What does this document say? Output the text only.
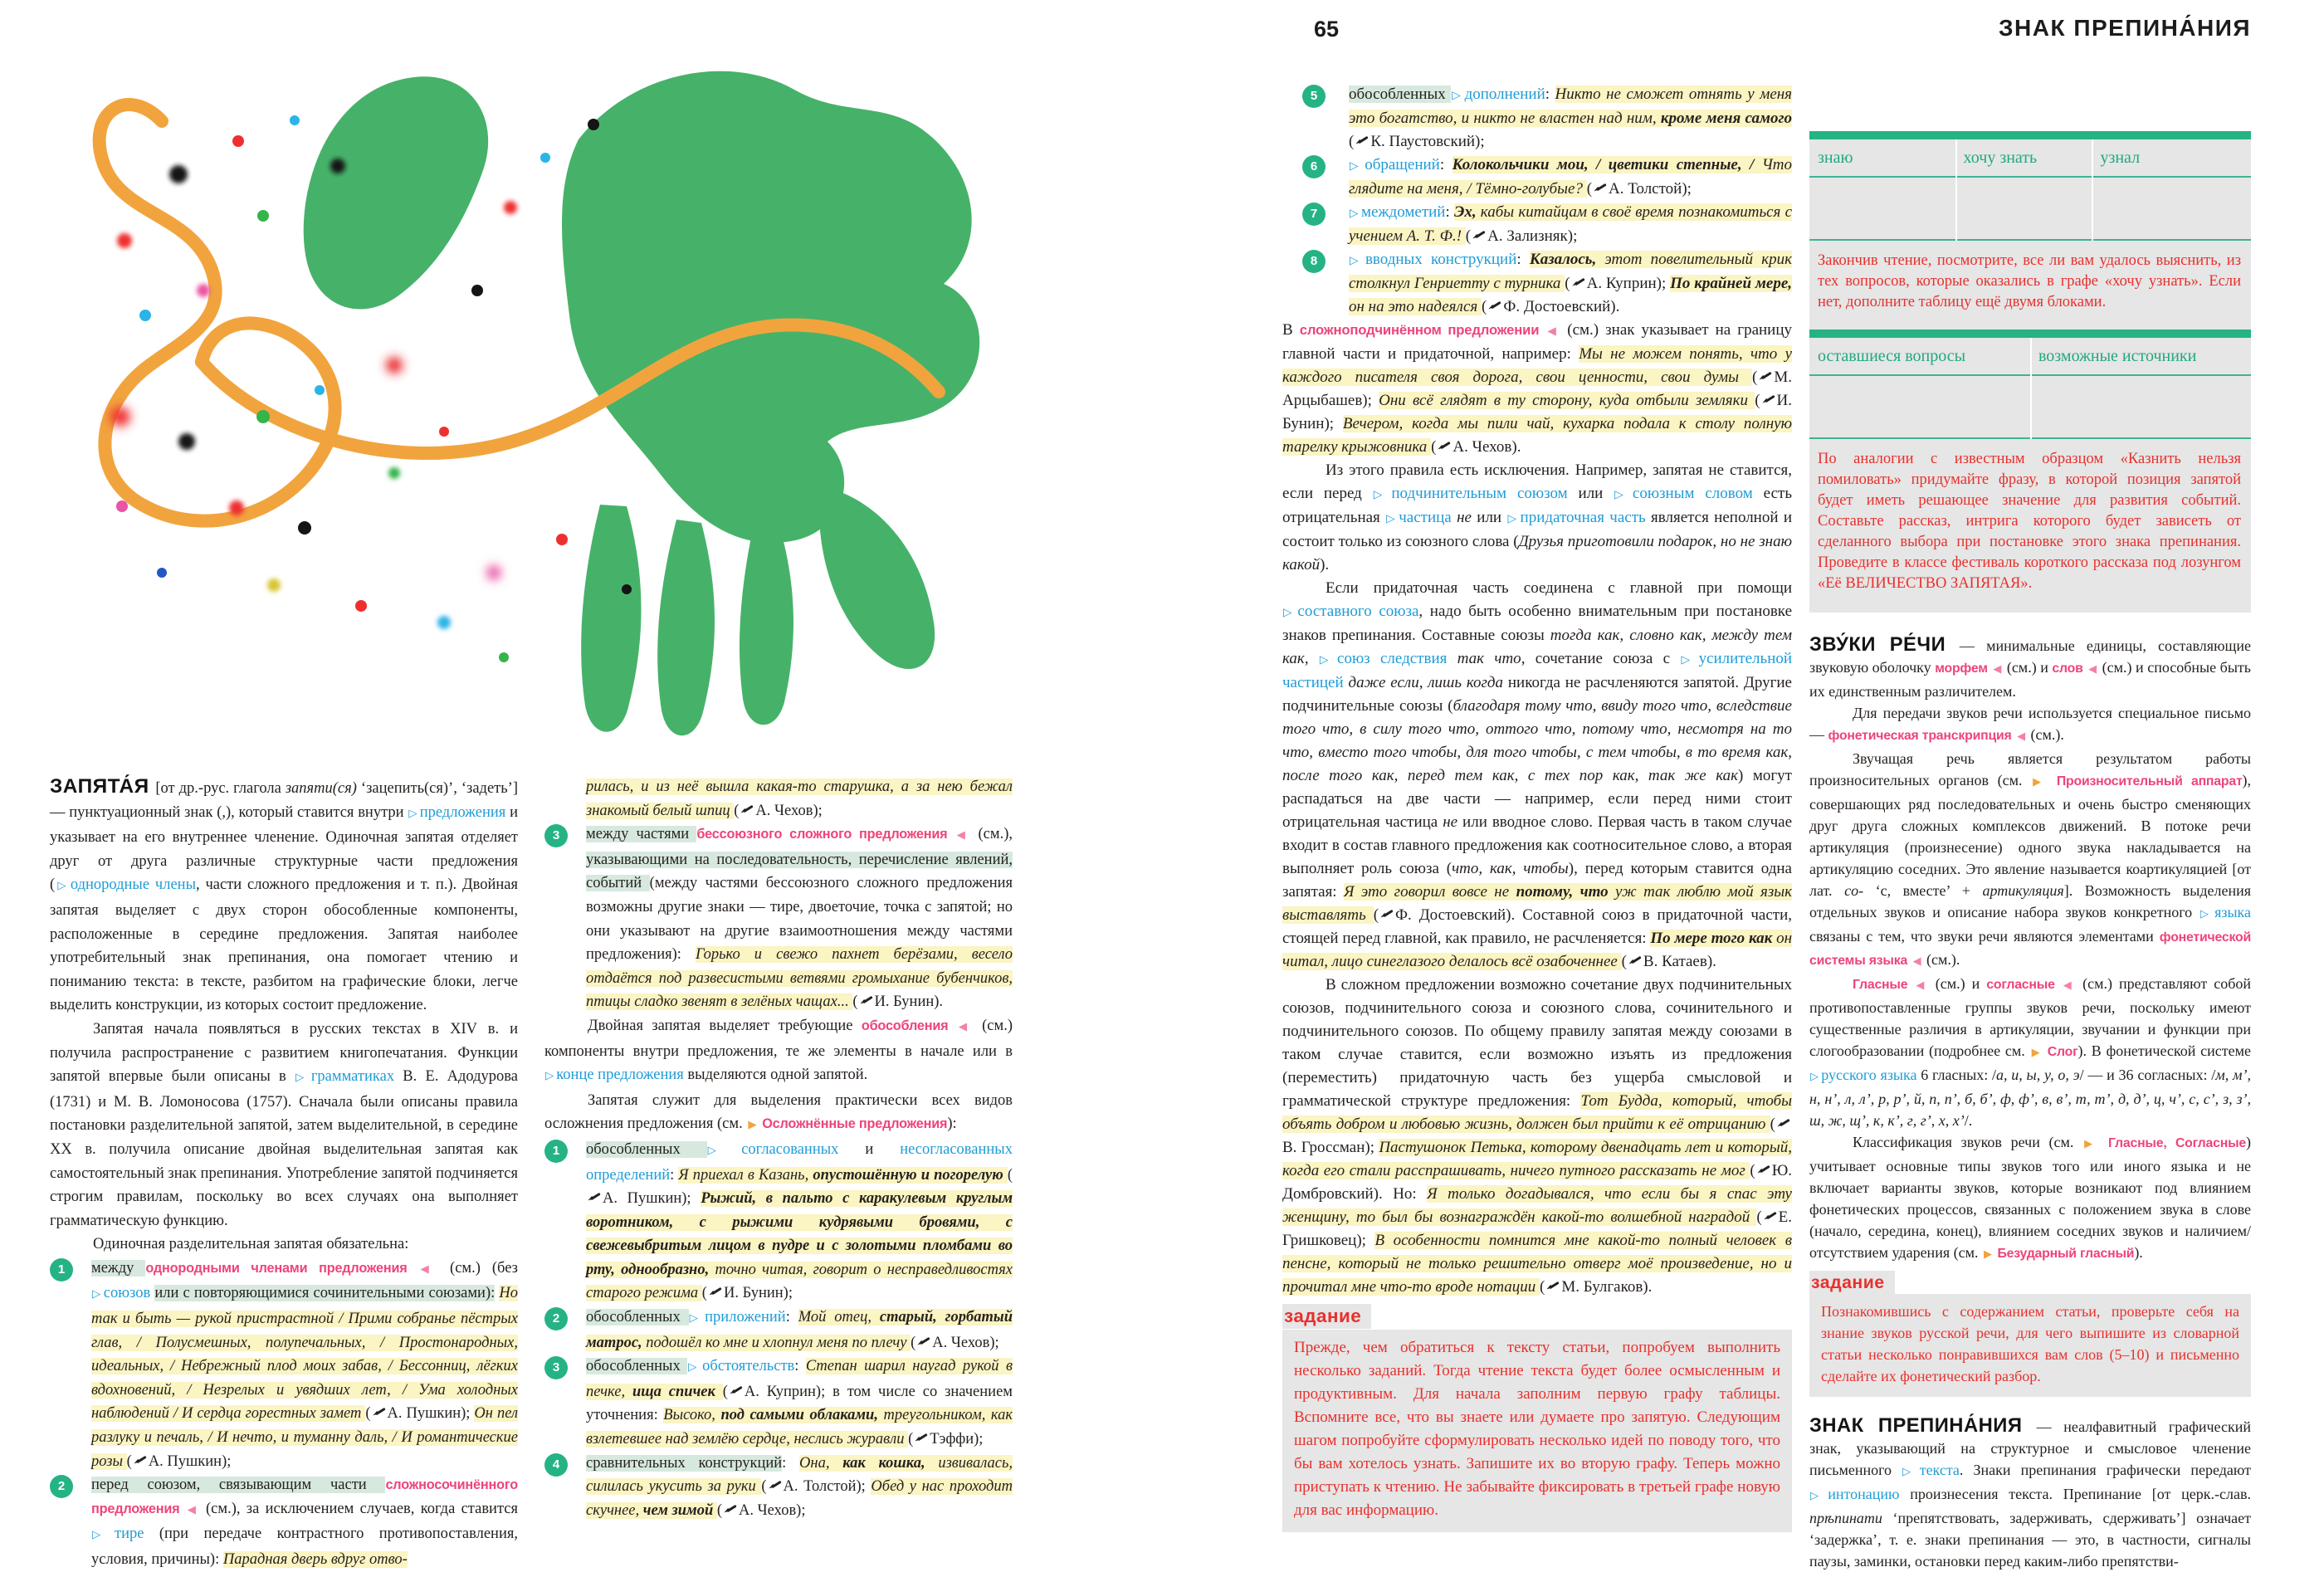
65	ЗНАК ПРЕПИНА́НИЯ
ЗАПЯТА́Я [от др.-рус. глагола запяти(ся) ‘зацепить(ся)’, ‘задеть’] — пунктуационный знак (,), который ставится внутри ▷ предложения и указывает на его внутреннее членение. Одиночная запятая отделяет друг от друга различные структурные части предложения (▷ однородные члены, части сложного предложения и т. п.). Двойная запятая выделяет с двух сторон обособленные компоненты, расположенные в середине предложения. Запятая наиболее употребительный знак препинания, она помогает чтению и пониманию текста: в тексте, разбитом на графические блоки, легче выделить конструкции, из которых состоит предложение.
Запятая начала появляться в русских текстах в XIV в. и получила распространение с развитием книгопечатания. Функции запятой впервые были описаны в ▷ грамматиках В. Е. Адодурова (1731) и М. В. Ломоносова (1757). Сначала были описаны правила постановки разделительной запятой, затем выделительной, в середине XX в. получила описание двойная выделительная запятая как самостоятельный знак препинания. Употребление запятой подчиняется строгим правилам, поскольку во всех случаях она выполняет грамматическую функцию.
Одиночная разделительная запятая обязательна:
1	между однородными членами предложения ◀ (см.) (без ▷ союзов или с повторяющимися сочинительными союзами): Но так и быть — рукой пристрастной / Прими собранье пёстрых глав, / Полусмешных, полупечальных, / Простонародных, идеальных, / Небрежный плод моих забав, / Бессонниц, лёгких вдохновений, / Незрелых и увядших лет, / Ума холодных наблюдений / И сердца горестных замет ( А. Пушкин); Он пел разлуку и печаль, / И нечто, и туманну даль, / И романтические розы ( А. Пушкин);
2	перед союзом, связывающим части сложносочинённого предложения ◀ (см.), за исключением случаев, когда ставится ▷ тире (при передаче контрастного противопоставления, условия, причины): Парадная дверь вдруг отво-
рилась, и из неё вышла какая-то старушка, а за нею бежал знакомый белый шпиц ( А. Чехов);
3	между частями бессоюзного сложного предложения ◀ (см.), указывающими на последовательность, перечисление явлений, событий (между частями бессоюзного сложного предложения возможны другие знаки — тире, двоеточие, точка с запятой; но они указывают на другие взаимоотношения между частями предложения): Горько и свежо пахнет берёзами, весело отдаётся под развесистыми ветвями громыхание бубенчиков, птицы сладко звенят в зелёных чащах... ( И. Бунин).
Двойная запятая выделяет требующие обособления ◀ (см.) компоненты внутри предложения, те же элементы в начале или в ▷ конце предложения выделяются одной запятой.
Запятая служит для выделения практически всех видов осложнения предложения (см. ▶ Осложнённые предложения):
1	обособленных ▷ согласованных и несогласованных определений: Я приехал в Казань, опустошённую и погорелую (
А. Пушкин); Рыжий, в пальто с каракулевым круглым воротником, с рыжими кудрявыми бровями, с свежевыбритым лицом в пудре и с золотыми пломбами во рту, однообразно, точно читая, говорит о несправедливостях старого режима ( И. Бунин);
2	обособленных ▷ приложений: Мой отец, старый, горбатый матрос, подошёл ко мне и хлопнул меня по плечу ( А. Чехов);
3	обособленных ▷ обстоятельств: Степан шарил наугад рукой в печке, ища спичек ( А. Куприн); в том числе со значением уточнения: Высоко, под самыми облаками, треугольником, как взлетевшее над землёю сердце, неслись журавли ( Тэффи);
4	сравнительных конструкций: Она, как кошка, извивалась, силилась укусить за руки ( А. Толстой); Обед у нас проходит скучнее, чем зимой ( А. Чехов);
5	обособленных ▷ дополнений: Никто не сможет отнять у меня это богатство, и никто не властен над ним, кроме меня самого ( К. Паустовский);
6	▷ обращений: Колокольчики мои, / цветики степные, / Что глядите на меня, / Тёмно-голубые? ( А. Толстой);
7	▷ междометий: Эх, кабы китайцам в своё время познакомиться с учением А. Т. Ф.! ( А. Зализняк);
8	▷ вводных конструкций: Казалось, этот повелительный крик столкнул Генриетту с турника ( А. Куприн); По крайней мере, он на это надеялся ( Ф. Достоевский).
В сложноподчинённом предложении ◀ (см.) знак указывает на границу главной части и придаточной, например: Мы не можем понять, что у каждого писателя своя дорога, свои ценности, свои думы ( М. Арцыбашев); Они всё глядят в ту сторону, куда отбыли земляки ( И. Бунин); Вечером, когда мы пили чай, кухарка подала к столу полную тарелку крыжовника ( А. Чехов).
Из этого правила есть исключения. Например, запятая не ставится, если перед ▷ подчинительным союзом или ▷ союзным словом есть отрицательная ▷ частица не или ▷ придаточная часть является неполной и состоит только из союзного слова (Друзья приготовили подарок, но не знаю какой).
Если придаточная часть соединена с главной при помощи ▷ составного союза, надо быть особенно внимательным при постановке знаков препинания. Составные союзы тогда как, словно как, между тем как, ▷ союз следствия так что, сочетание союза с ▷ усилительной частицей даже если, лишь когда никогда не расчленяются запятой. Другие подчинительные союзы (благодаря тому что, ввиду того что, вследствие того что, в силу того что, оттого что, потому что, несмотря на то что, вместо того чтобы, для того чтобы, с тем чтобы, в то время как, после того как, перед тем как, с тех пор как, так же как) могут распадаться на две части — например, если перед ними стоит отрицательная частица не или вводное слово. Первая часть в таком случае входит в состав главного предложения как соотносительное слово, а вторая выполняет роль союза (что, как, чтобы), перед которым ставится одна запятая: Я это говорил вовсе не потому, что уж так люблю мой язык выставлять ( Ф. Достоевский). Составной союз в придаточной части, стоящей перед главной, как правило, не расчленяется: По мере того как он читал, лицо синеглазого делалось всё озабоченнее ( В. Катаев).
В сложном предложении возможно сочетание двух подчинительных союзов, подчинительного союза и союзного слова, сочинительного и подчинительного союзов. По общему правилу запятая между союзами в таком случае ставится, если возможно изъять из предложения (переместить) придаточную часть без ущерба смысловой и грамматической структуре предложения: Тот Будда, который, чтобы объять добром и любовью жизнь, должен был прийти к её отрицанию (
В. Гроссман); Пастушонок Петька, которому двенадцать лет и который, когда его стали расспрашивать, ничего путного рассказать не мог ( Ю. Домбровский). Но: Я только догадывался, что если бы я спас эту женщину, то был бы вознаграждён какой-то волшебной наградой ( Е. Гришковец); В особенности помнится мне какой-то полный человек в пенсне, который не только решительно отверг моё произведение, но и прочитал мне что-то вроде нотации ( М. Булгаков).
задание
Прежде, чем обратиться к тексту статьи, попробуем выполнить несколько заданий. Тогда чтение текста будет более осмысленным и продуктивным. Для начала заполним первую графу таблицы. Вспомните все, что вы знаете или думаете про запятую. Следующим шагом попробуйте сформулировать несколько идей по поводу того, что бы вам хотелось узнать. Запишите их во вторую графу. Теперь можно приступать к чтению. Не забывайте фиксировать в третьей графе новую для вас информацию.
знаю	хочу знать	узнал
Закончив чтение, посмотрите, все ли вам удалось выяснить, из тех вопросов, которые оказались в графе «хочу узнать». Если нет, дополните таблицу ещё двумя блоками.
оставшиеся вопросы	возможные источники
По аналогии с известным образцом «Казнить нельзя помиловать» придумайте фразу, в которой позиция запятой будет иметь решающее значение для развития событий. Составьте рассказ, интрига которого будет зависеть от сделанного выбора при постановке этого знака препинания. Проведите в классе фестиваль короткого рассказа под лозунгом «Её ВЕЛИЧЕСТВО ЗАПЯТАЯ».
ЗВУ́КИ РЕ́ЧИ — минимальные единицы, составляющие звуковую оболочку морфем ◀ (см.) и слов ◀ (см.) и способные быть их единственным различителем.
Для передачи звуков речи используется специальное письмо — фонетическая транскрипция ◀ (см.).
Звучащая речь является результатом работы произносительных органов (см. ▶ Произносительный аппарат), совершающих ряд последовательных и очень быстро сменяющих друг друга сложных комплексов движений. В потоке речи артикуляция (произнесение) одного звука накладывается на артикуляцию соседних. Это явление называется коартикуляцией [от лат. co- ‘с, вместе’ + артикуляция]. Возможность выделения отдельных звуков и описание набора звуков конкретного ▷ языка связаны с тем, что звуки речи являются элементами фонетической системы языка ◀ (см.).
Гласные ◀ (см.) и согласные ◀ (см.) представляют собой противопоставленные группы звуков речи, поскольку имеют существенные различия в артикуляции, звучании и функции при слогообразовании (подробнее см. ▶ Слог). В фонетической системе ▷ русского языка 6 гласных: /а, и, ы, у, о, э/ — и 36 согласных: /м, м’, н, н’, л, л’, р, р’, й, п, п’, б, б’, ф, ф’, в, в’, т, т’, д, д’, ц, ч’, с, с’, з, з’, ш, ж, щ’, к, к’, г, г’, х, х’/.
Классификация звуков речи (см. ▶ Гласные, Согласные) учитывает основные типы звуков того или иного языка и не включает варианты звуков, которые возникают под влиянием фонетических процессов, связанных с положением звука в слове (начало, середина, конец), влиянием соседних звуков и наличием/отсутствием ударения (см. ▶ Безударный гласный).
задание
Познакомившись с содержанием статьи, проверьте себя на знание звуков русской речи, для чего выпишите из словарной статьи несколько понравившихся вам слов (5–10) и письменно сделайте их фонетический разбор.
ЗНАК ПРЕПИНА́НИЯ — неалфавитный графический знак, указывающий на структурное и смысловое членение письменного ▷ текста. Знаки препинания графически передают ▷ интонацию произнесения текста. Препинание [от церк.-слав. прѣпинати ‘препятствовать, задерживать, сдерживать’] означает ‘задержка’, т. е. знаки препинания — это, в частности, сигналы паузы, заминки, остановки перед каким-либо препятстви-
